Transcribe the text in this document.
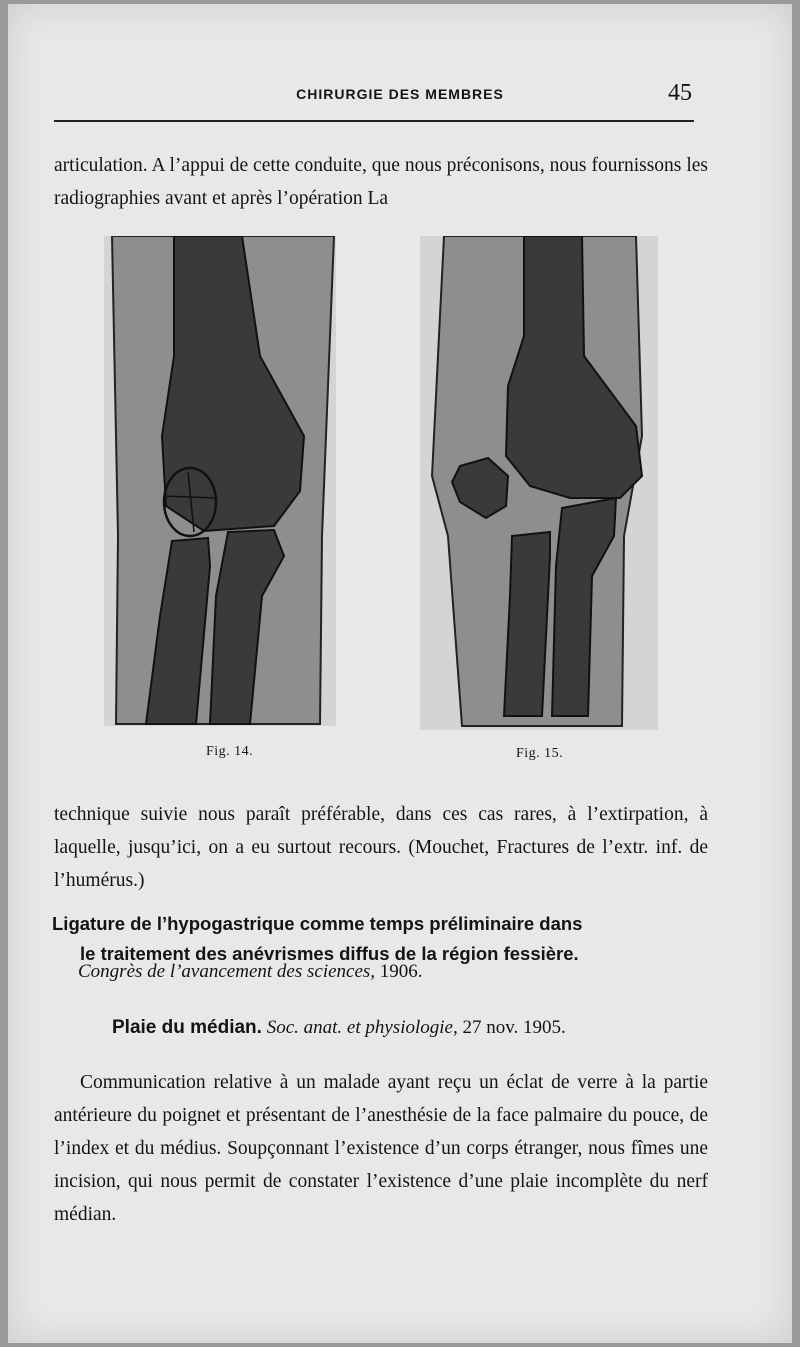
CHIRURGIE DES MEMBRES	45
articulation. A l’appui de cette conduite, que nous préconisons, nous fournissons les radiographies avant et après l’opération La
Fig. 14.	Fig. 15.
technique suivie nous paraît préférable, dans ces cas rares, à l’extirpation, à laquelle, jusqu’ici, on a eu surtout recours. (Mouchet, Fractures de l’extr. inf. de l’humérus.)
Ligature de l’hypogastrique comme temps préliminaire dans
le traitement des anévrismes diffus de la région fessière.
Congrès de l’avancement des sciences, 1906.
Plaie du médian. Soc. anat. et physiologie, 27 nov. 1905.
Communication relative à un malade ayant reçu un éclat de verre à la partie antérieure du poignet et présentant de l’anesthésie de la face palmaire du pouce, de l’index et du médius. Soupçonnant l’existence d’un corps étranger, nous fîmes une incision, qui nous permit de constater l’existence d’une plaie incomplète du nerf médian.
